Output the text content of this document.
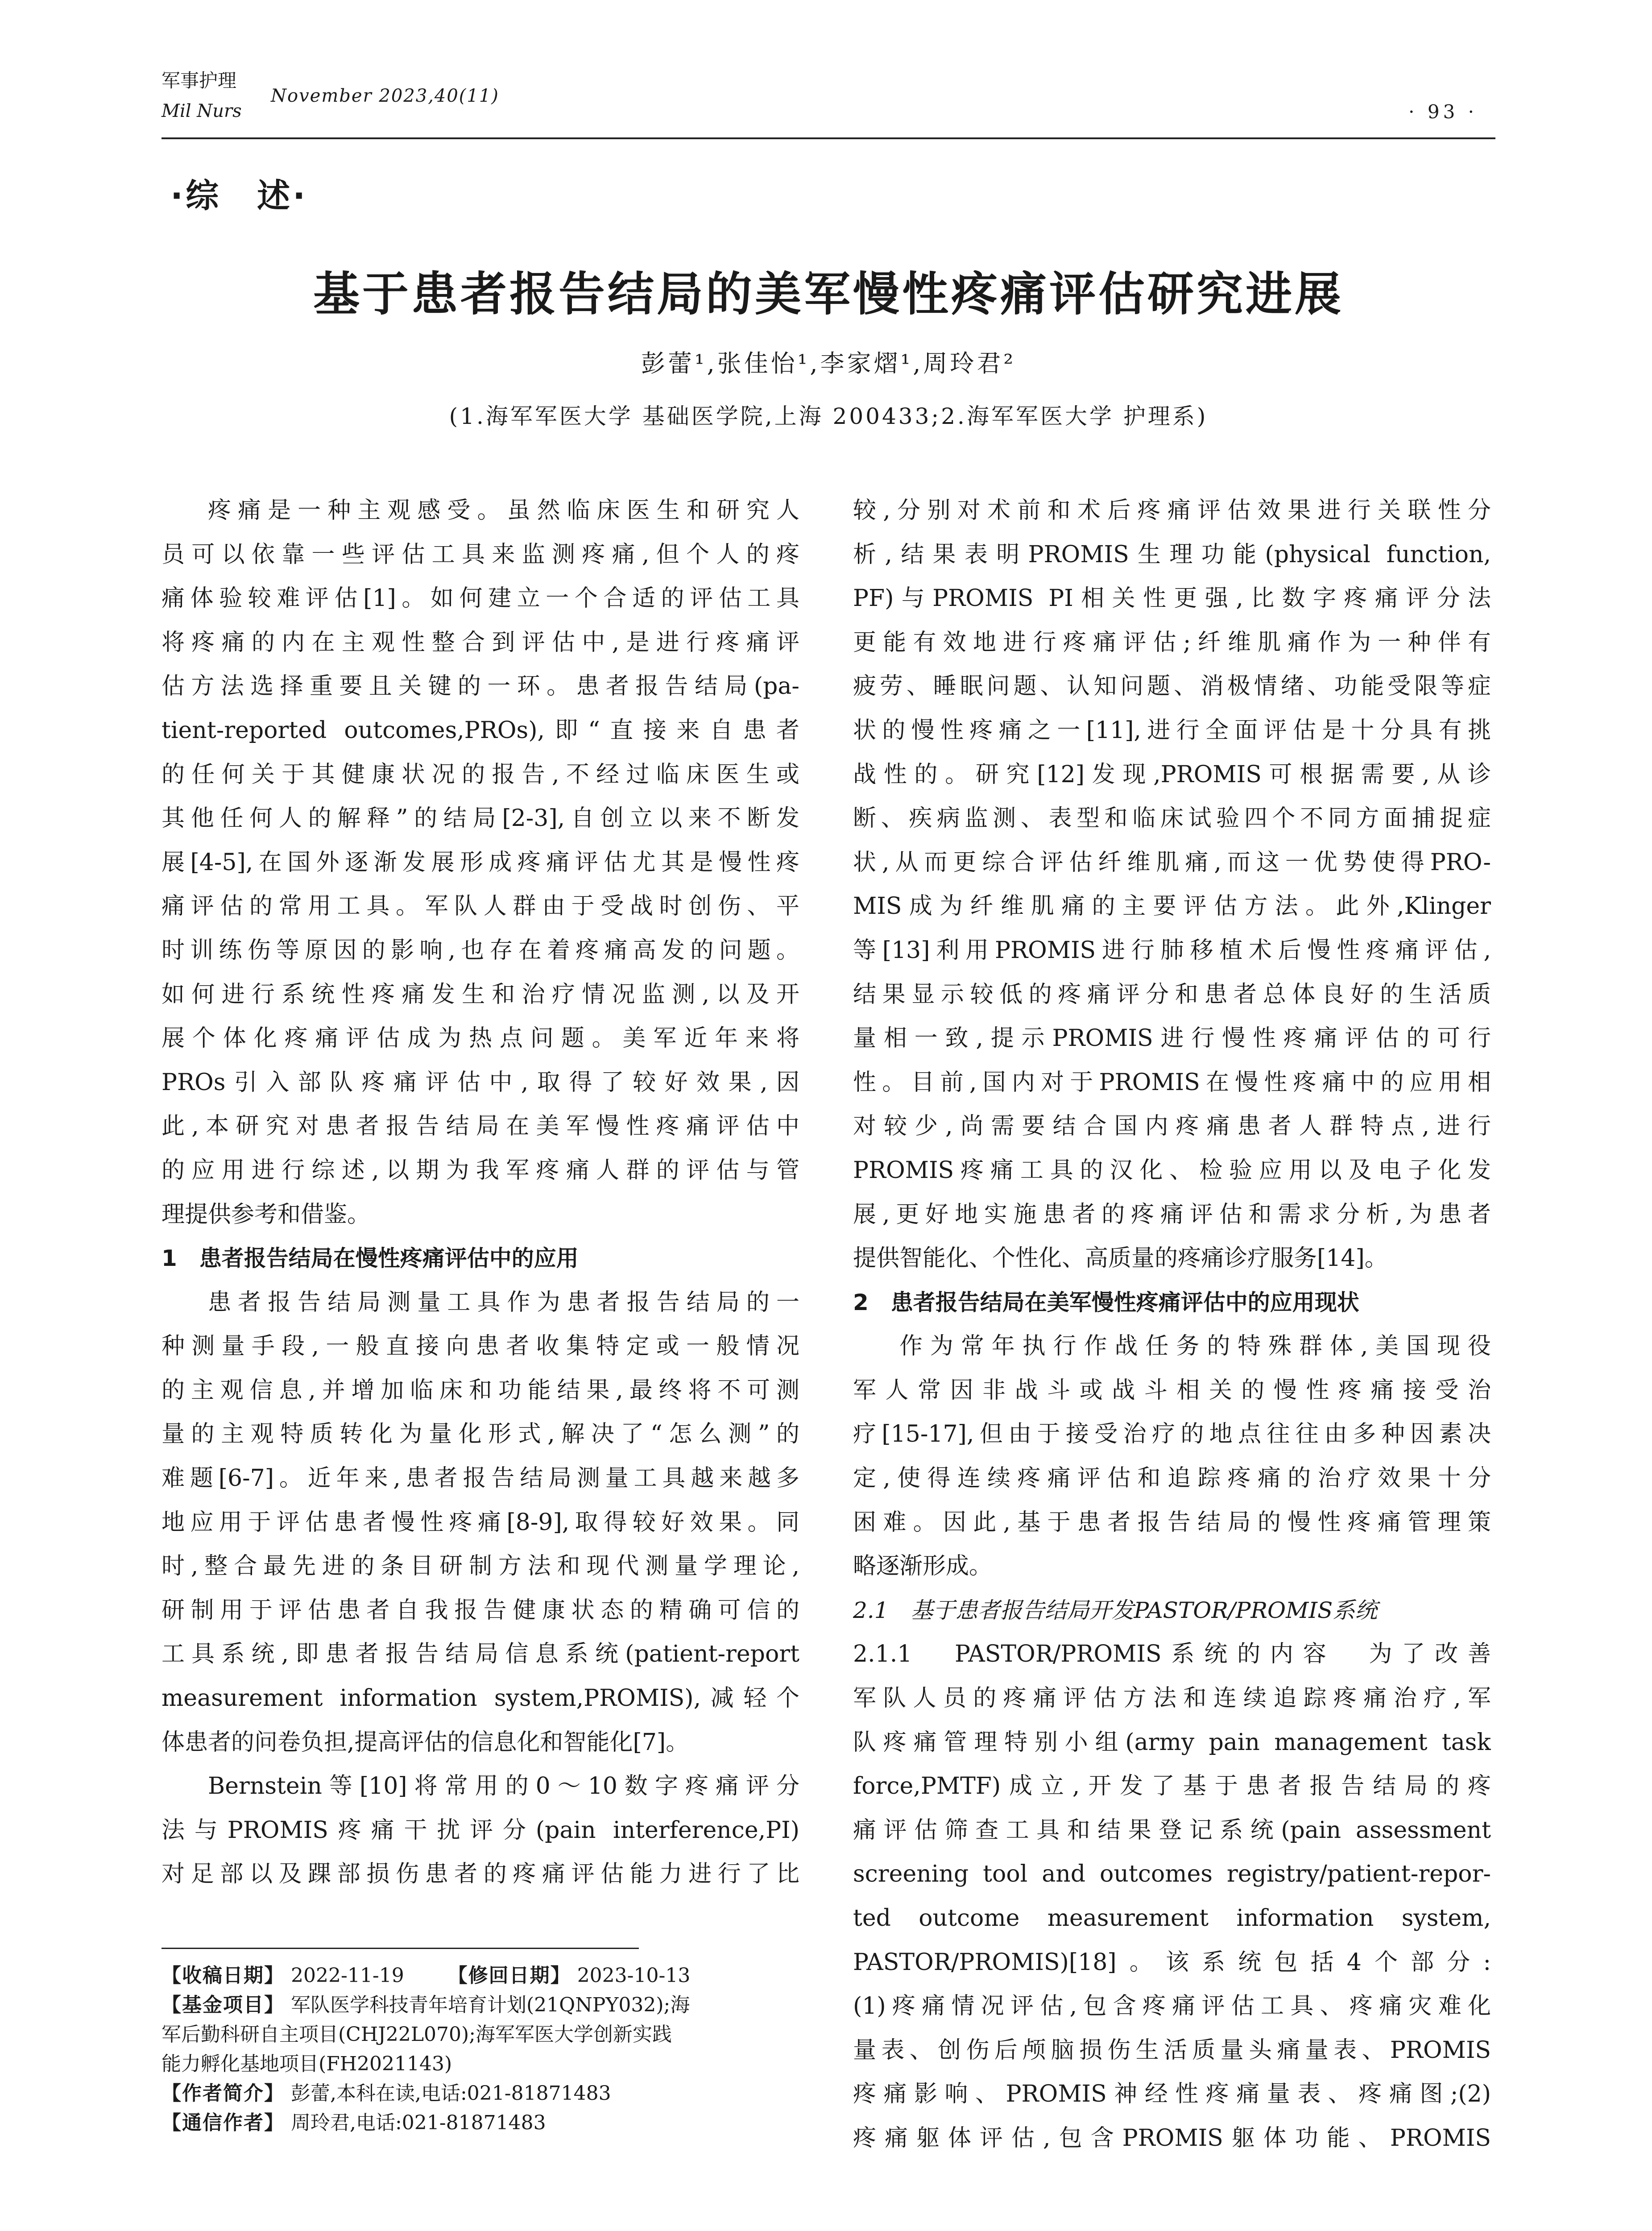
军事护理
Mil Nurs
November 2023,40(11)
· 93 ·
·综　述·
基于患者报告结局的美军慢性疼痛评估研究进展
彭蕾¹,张佳怡¹,李家熠¹,周玲君²
(1.海军军医大学 基础医学院,上海 200433;2.海军军医大学 护理系)
疼痛是一种主观感受。虽然临床医生和研究人
员可以依靠一些评估工具来监测疼痛,但个人的疼
痛体验较难评估[1]。如何建立一个合适的评估工具
将疼痛的内在主观性整合到评估中,是进行疼痛评
估方法选择重要且关键的一环。患者报告结局(pa-
tient-reported outcomes,PROs),即“直接来自患者
的任何关于其健康状况的报告,不经过临床医生或
其他任何人的解释”的结局[2-3],自创立以来不断发
展[4-5],在国外逐渐发展形成疼痛评估尤其是慢性疼
痛评估的常用工具。军队人群由于受战时创伤、平
时训练伤等原因的影响,也存在着疼痛高发的问题。
如何进行系统性疼痛发生和治疗情况监测,以及开
展个体化疼痛评估成为热点问题。美军近年来将
PROs引入部队疼痛评估中,取得了较好效果,因
此,本研究对患者报告结局在美军慢性疼痛评估中
的应用进行综述,以期为我军疼痛人群的评估与管
理提供参考和借鉴。
1　患者报告结局在慢性疼痛评估中的应用
患者报告结局测量工具作为患者报告结局的一
种测量手段,一般直接向患者收集特定或一般情况
的主观信息,并增加临床和功能结果,最终将不可测
量的主观特质转化为量化形式,解决了“怎么测”的
难题[6-7]。近年来,患者报告结局测量工具越来越多
地应用于评估患者慢性疼痛[8-9],取得较好效果。同
时,整合最先进的条目研制方法和现代测量学理论,
研制用于评估患者自我报告健康状态的精确可信的
工具系统,即患者报告结局信息系统(patient-report
measurement information system,PROMIS),减轻个
体患者的问卷负担,提高评估的信息化和智能化[7]。
Bernstein等[10]将常用的0～10数字疼痛评分
法与PROMIS疼痛干扰评分(pain interference,PI)
对足部以及踝部损伤患者的疼痛评估能力进行了比
较,分别对术前和术后疼痛评估效果进行关联性分
析,结果表明PROMIS生理功能(physical function,
PF)与PROMIS PI相关性更强,比数字疼痛评分法
更能有效地进行疼痛评估;纤维肌痛作为一种伴有
疲劳、睡眠问题、认知问题、消极情绪、功能受限等症
状的慢性疼痛之一[11],进行全面评估是十分具有挑
战性的。研究[12]发现,PROMIS可根据需要,从诊
断、疾病监测、表型和临床试验四个不同方面捕捉症
状,从而更综合评估纤维肌痛,而这一优势使得PRO-
MIS成为纤维肌痛的主要评估方法。此外,Klinger
等[13]利用PROMIS进行肺移植术后慢性疼痛评估,
结果显示较低的疼痛评分和患者总体良好的生活质
量相一致,提示PROMIS进行慢性疼痛评估的可行
性。目前,国内对于PROMIS在慢性疼痛中的应用相
对较少,尚需要结合国内疼痛患者人群特点,进行
PROMIS疼痛工具的汉化、检验应用以及电子化发
展,更好地实施患者的疼痛评估和需求分析,为患者
提供智能化、个性化、高质量的疼痛诊疗服务[14]。
2　患者报告结局在美军慢性疼痛评估中的应用现状
作为常年执行作战任务的特殊群体,美国现役
军人常因非战斗或战斗相关的慢性疼痛接受治
疗[15-17],但由于接受治疗的地点往往由多种因素决
定,使得连续疼痛评估和追踪疼痛的治疗效果十分
困难。因此,基于患者报告结局的慢性疼痛管理策
略逐渐形成。
2.1　基于患者报告结局开发PASTOR/PROMIS系统
2.1.1　PASTOR/PROMIS系统的内容　为了改善
军队人员的疼痛评估方法和连续追踪疼痛治疗,军
队疼痛管理特别小组(army pain management task
force,PMTF)成立,开发了基于患者报告结局的疼
痛评估筛查工具和结果登记系统(pain assessment
screening tool and outcomes registry/patient-repor-
ted outcome measurement information system,
PASTOR/PROMIS)[18]。该系统包括4个部分:
(1)疼痛情况评估,包含疼痛评估工具、疼痛灾难化
量表、创伤后颅脑损伤生活质量头痛量表、PROMIS
疼痛影响、PROMIS神经性疼痛量表、疼痛图;(2)
疼痛躯体评估,包含PROMIS躯体功能、PROMIS
【收稿日期】 2022-11-19 【修回日期】 2023-10-13
【基金项目】 军队医学科技青年培育计划(21QNPY032);海
军后勤科研自主项目(CHJ22L070);海军军医大学创新实践
能力孵化基地项目(FH2021143)
【作者简介】 彭蕾,本科在读,电话:021-81871483
【通信作者】 周玲君,电话:021-81871483
